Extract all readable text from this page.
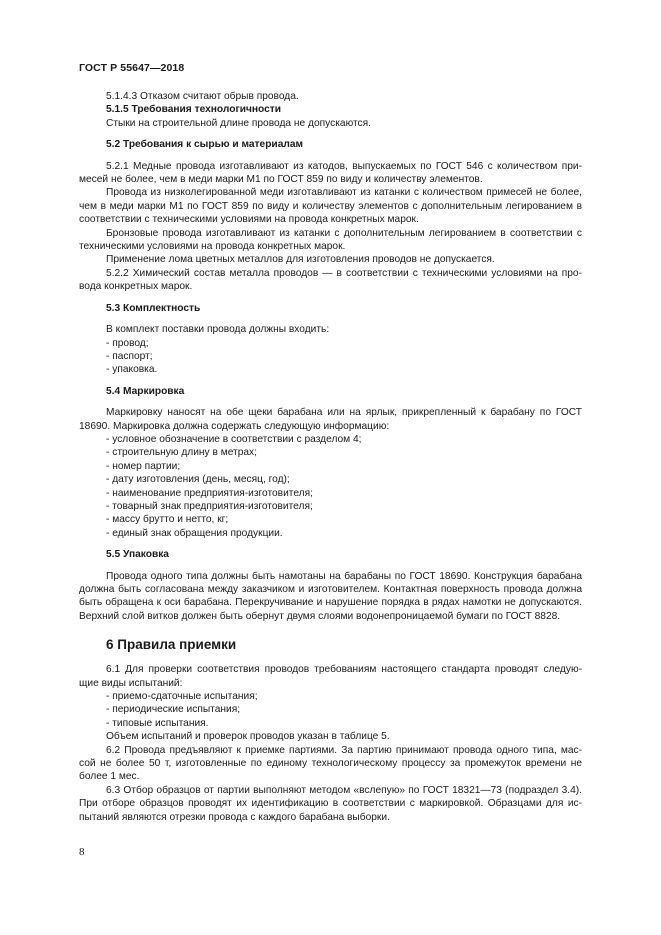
ГОСТ Р 55647—2018

5.1.4.3 Отказом считают обрыв провода.

5.1.5 Требования технологичности

Стыки на строительной длине провода не допускаются.

5.2 Требования к сырью и материалам

5.2.1 Медные провода изготавливают из катодов, выпускаемых по ГОСТ 546 с количеством при-месей не более, чем в меди марки М1 по ГОСТ 859 по виду и количеству элементов.

Провода из низколегированной меди изготавливают из катанки с количеством примесей не более, чем в меди марки М1 по ГОСТ 859 по виду и количеству элементов с дополнительным легированием в соответствии с техническими условиями на провода конкретных марок.

Бронзовые провода изготавливают из катанки с дополнительным легированием в соответствии с техническими условиями на провода конкретных марок.

Применение лома цветных металлов для изготовления проводов не допускается.

5.2.2 Химический состав металла проводов — в соответствии с техническими условиями на про-вода конкретных марок.

5.3 Комплектность

В комплект поставки провода должны входить:

- провод;

- паспорт;

- упаковка.

5.4 Маркировка

Маркировку наносят на обе щеки барабана или на ярлык, прикрепленный к барабану по ГОСТ 18690. Маркировка должна содержать следующую информацию:

- условное обозначение в соответствии с разделом 4;

- строительную длину в метрах;

- номер партии;

- дату изготовления (день, месяц, год);

- наименование предприятия-изготовителя;

- товарный знак предприятия-изготовителя;

- массу брутто и нетто, кг;

- единый знак обращения продукции.

5.5 Упаковка

Провода одного типа должны быть намотаны на барабаны по ГОСТ 18690. Конструкция барабана должна быть согласована между заказчиком и изготовителем. Контактная поверхность провода должна быть обращена к оси барабана. Перекручивание и нарушение порядка в рядах намотки не допускаются. Верхний слой витков должен быть обернут двумя слоями водонепроницаемой бумаги по ГОСТ 8828.

6 Правила приемки

6.1 Для проверки соответствия проводов требованиям настоящего стандарта проводят следую-щие виды испытаний:

- приемо-сдаточные испытания;

- периодические испытания;

- типовые испытания.

Объем испытаний и проверок проводов указан в таблице 5.

6.2 Провода предъявляют к приемке партиями. За партию принимают провода одного типа, мас-сой не более 50 т, изготовленные по единому технологическому процессу за промежуток времени не более 1 мес.

6.3 Отбор образцов от партии выполняют методом «вслепую» по ГОСТ 18321—73 (подраздел 3.4). При отборе образцов проводят их идентификацию в соответствии с маркировкой. Образцами для ис-пытаний являются отрезки провода с каждого барабана выборки.

8
